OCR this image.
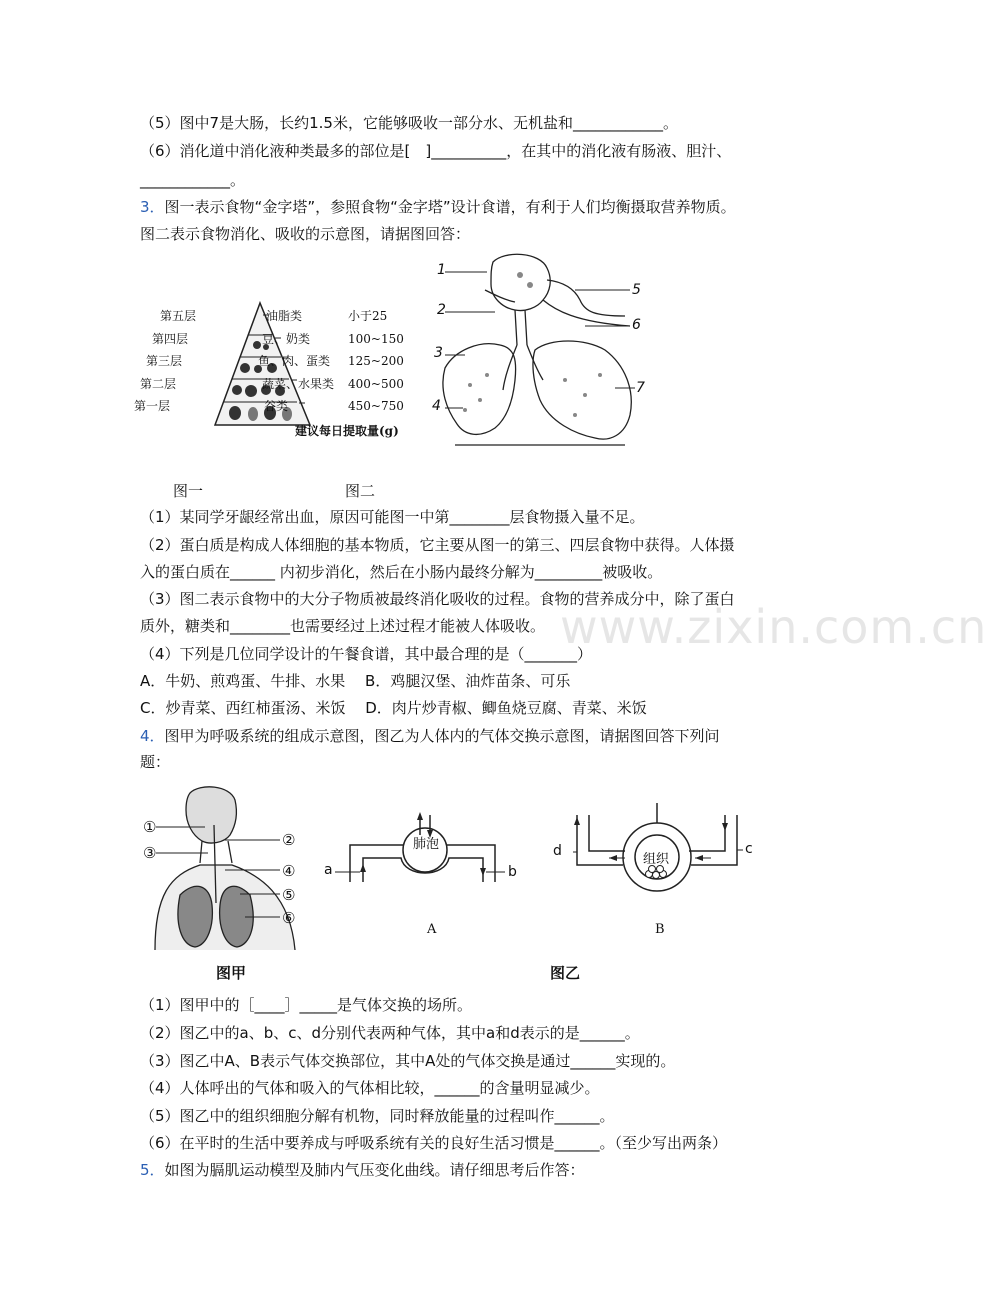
www.zixin.com.cn
（5）图中7是大肠，长约1.5米，它能够吸收一部分水、无机盐和____________。
（6）消化道中消化液种类最多的部位是[　]__________，在其中的消化液有肠液、胆汁、
____________。
3．图一表示食物“金字塔”，参照食物“金字塔”设计食谱，有利于人们均衡摄取营养物质。
图二表示食物消化、吸收的示意图，请据图回答：
第五层
第四层
第三层
第二层
第一层
油脂类
豆、奶类
鱼、肉、蛋类
蔬菜、水果类
谷类
小于25
100~150
125~200
400~500
450~750
建议每日提取量(g)
1
2
3
4
5
6
7
图一	图二
（1）某同学牙龈经常出血，原因可能图一中第________层食物摄入量不足。
（2）蛋白质是构成人体细胞的基本物质，它主要从图一的第三、四层食物中获得。人体摄
入的蛋白质在______ 内初步消化，然后在小肠内最终分解为_________被吸收。
（3）图二表示食物中的大分子物质被最终消化吸收的过程。食物的营养成分中，除了蛋白
质外，糖类和________也需要经过上述过程才能被人体吸收。
（4）下列是几位同学设计的午餐食谱，其中最合理的是（_______）
A．牛奶、煎鸡蛋、牛排、水果　 B．鸡腿汉堡、油炸苗条、可乐
C．炒青菜、西红柿蛋汤、米饭　 D．肉片炒青椒、鲫鱼烧豆腐、青菜、米饭
4．图甲为呼吸系统的组成示意图，图乙为人体内的气体交换示意图，请据图回答下列问
题：
①
③
②
④
⑤
⑥
肺泡
a	b
A
组织
d	c
B
图甲	图乙
（1）图甲中的［____］_____是气体交换的场所。
（2）图乙中的a、b、c、d分别代表两种气体，其中a和d表示的是______。
（3）图乙中A、B表示气体交换部位，其中A处的气体交换是通过______实现的。
（4）人体呼出的气体和吸入的气体相比较，______的含量明显减少。
（5）图乙中的组织细胞分解有机物，同时释放能量的过程叫作______。
（6）在平时的生活中要养成与呼吸系统有关的良好生活习惯是______。（至少写出两条）
5．如图为膈肌运动模型及肺内气压变化曲线。请仔细思考后作答：
